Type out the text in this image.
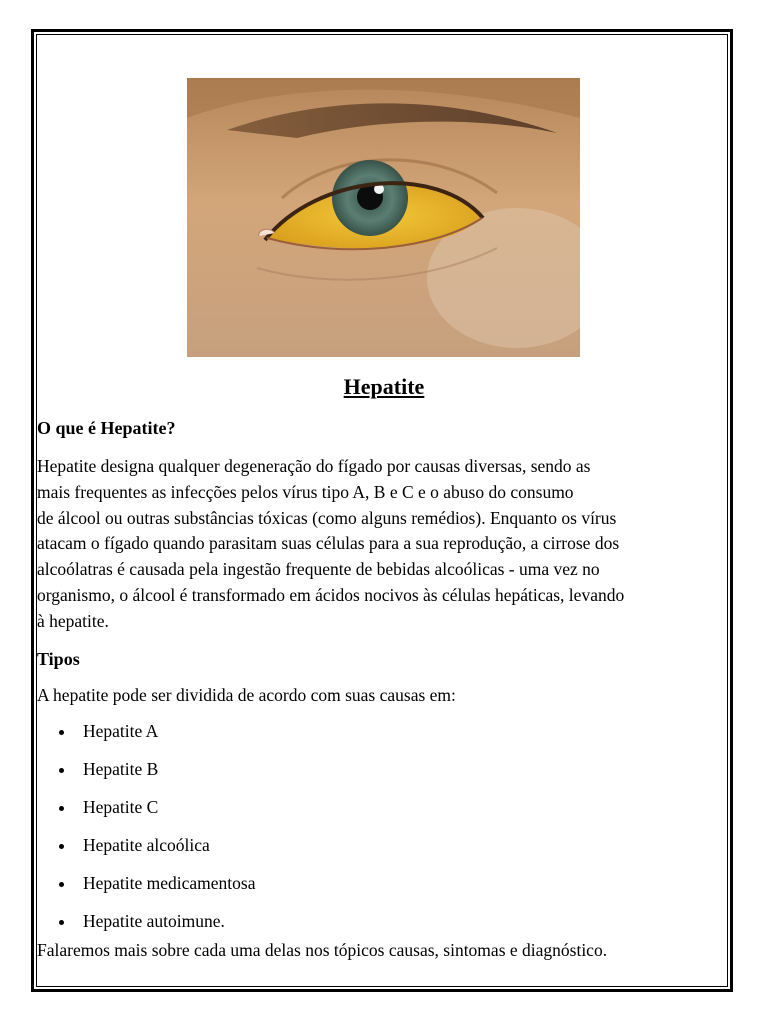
Hepatite
O que é Hepatite?

Hepatite designa qualquer degeneração do fígado por causas diversas, sendo as
mais frequentes as infecções pelos vírus tipo A, B e C e o abuso do consumo
de álcool ou outras substâncias tóxicas (como alguns remédios). Enquanto os vírus
atacam o fígado quando parasitam suas células para a sua reprodução, a cirrose dos
alcoólatras é causada pela ingestão frequente de bebidas alcoólicas - uma vez no
organismo, o álcool é transformado em ácidos nocivos às células hepáticas, levando
à hepatite.

Tipos

A hepatite pode ser dividida de acordo com suas causas em:

Hepatite A
Hepatite B
Hepatite C
Hepatite alcoólica
Hepatite medicamentosa
Hepatite autoimune.

Falaremos mais sobre cada uma delas nos tópicos causas, sintomas e diagnóstico.
